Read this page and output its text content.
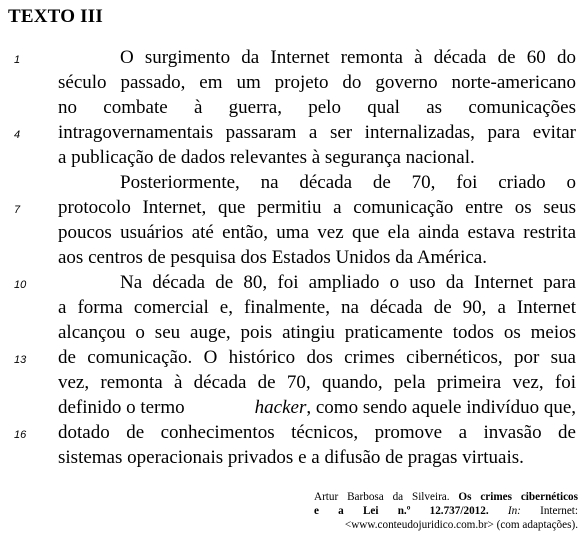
TEXTO III
1
4
7
10
13
16
O surgimento da Internet remonta à década de 60 do
século passado, em um projeto do governo norte-americano
no combate à guerra, pelo qual as comunicações
intragovernamentais passaram a ser internalizadas, para evitar
a publicação de dados relevantes à segurança nacional.
Posteriormente, na década de 70, foi criado o
protocolo Internet, que permitiu a comunicação entre os seus
poucos usuários até então, uma vez que ela ainda estava restrita
aos centros de pesquisa dos Estados Unidos da América.
Na década de 80, foi ampliado o uso da Internet para
a forma comercial e, finalmente, na década de 90, a Internet
alcançou o seu auge, pois atingiu praticamente todos os meios
de comunicação. O histórico dos crimes cibernéticos, por sua
vez, remonta à década de 70, quando, pela primeira vez, foi
definido o termo	hacker , como sendo aquele indivíduo que,
dotado de conhecimentos técnicos, promove a invasão de
sistemas operacionais privados e a difusão de pragas virtuais.
Artur Barbosa da Silveira. Os crimes cibernéticos
e a Lei n.º 12.737/2012. In: Internet:
<www.conteudojuridico.com.br> (com adaptações).
